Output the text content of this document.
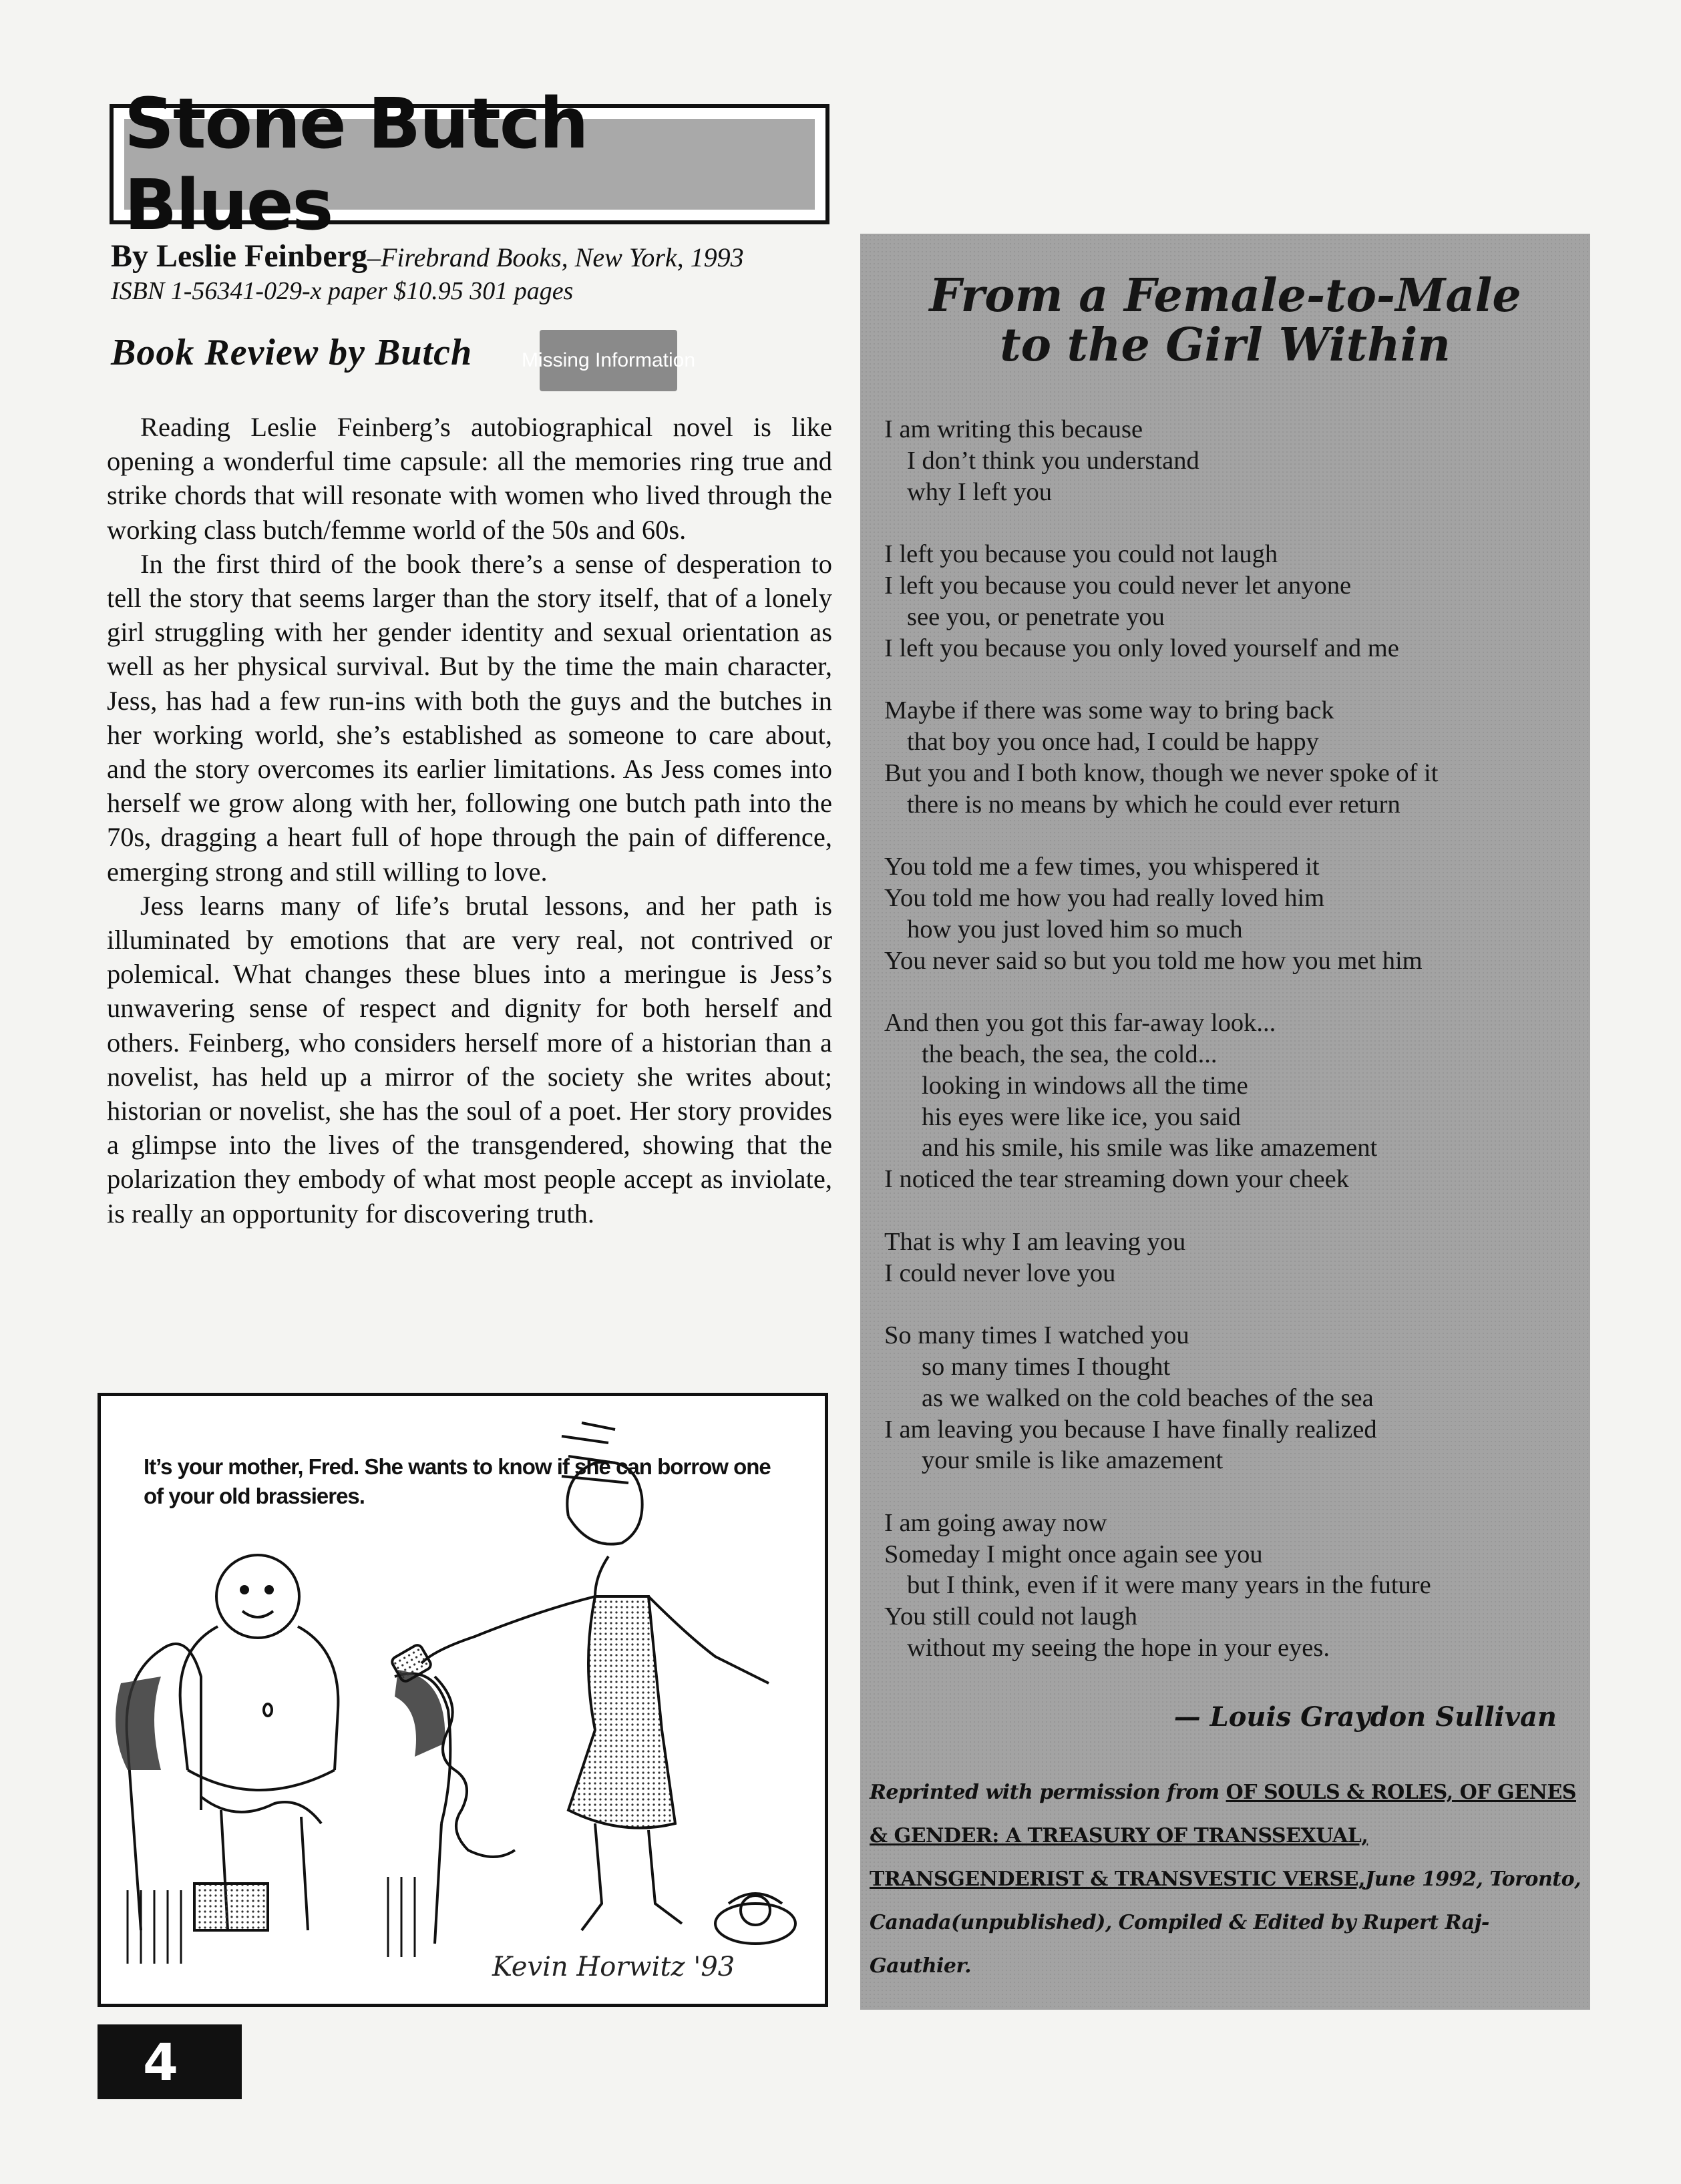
Stone Butch Blues
By Leslie Feinberg–Firebrand Books, New York, 1993
ISBN 1-56341-029-x paper $10.95 301 pages
Book Review by Butch Missing Information

Reading Leslie Feinberg’s autobiographical novel is like opening a wonderful time capsule: all the memories ring true and strike chords that will resonate with women who lived through the working class butch/femme world of the 50s and 60s.

In the first third of the book there’s a sense of desperation to tell the story that seems larger than the story itself, that of a lonely girl struggling with her gender identity and sexual orientation as well as her physical survival. But by the time the main character, Jess, has had a few run-ins with both the guys and the butches in her working world, she’s established as someone to care about, and the story overcomes its earlier limitations. As Jess comes into herself we grow along with her, following one butch path into the 70s, dragging a heart full of hope through the pain of difference, emerging strong and still willing to love.

Jess learns many of life’s brutal lessons, and her path is illuminated by emotions that are very real, not contrived or polemical. What changes these blues into a meringue is Jess’s unwavering sense of respect and dignity for both herself and others. Feinberg, who considers herself more of a historian than a novelist, has held up a mirror of the society she writes about; historian or novelist, she has the soul of a poet. Her story provides a glimpse into the lives of the transgendered, showing that the polarization they embody of what most people accept as inviolate, is really an opportunity for discovering truth.

It’s your mother, Fred. She wants to know if she can borrow one of your old brassieres.
Kevin Horwitz '93
4
From a Female-to-Male
to the Girl Within
I am writing this because
I don’t think you understand
why I left you
I left you because you could not laugh
I left you because you could never let anyone
see you, or penetrate you
I left you because you only loved yourself and me
Maybe if there was some way to bring back
that boy you once had, I could be happy
But you and I both know, though we never spoke of it
there is no means by which he could ever return
You told me a few times, you whispered it
You told me how you had really loved him
how you just loved him so much
You never said so but you told me how you met him
And then you got this far-away look...
the beach, the sea, the cold...
looking in windows all the time
his eyes were like ice, you said
and his smile, his smile was like amazement
I noticed the tear streaming down your cheek
That is why I am leaving you
I could never love you
So many times I watched you
so many times I thought
as we walked on the cold beaches of the sea
I am leaving you because I have finally realized
your smile is like amazement
I am going away now
Someday I might once again see you
but I think, even if it were many years in the future
You still could not laugh
without my seeing the hope in your eyes.
— Louis Graydon Sullivan
Reprinted with permission from OF SOULS & ROLES, OF GENES & GENDER: A TREASURY OF TRANSSEXUAL, TRANSGENDERIST & TRANSVESTIC VERSE,June 1992, Toronto, Canada(unpublished), Compiled & Edited by Rupert Raj-Gauthier.
